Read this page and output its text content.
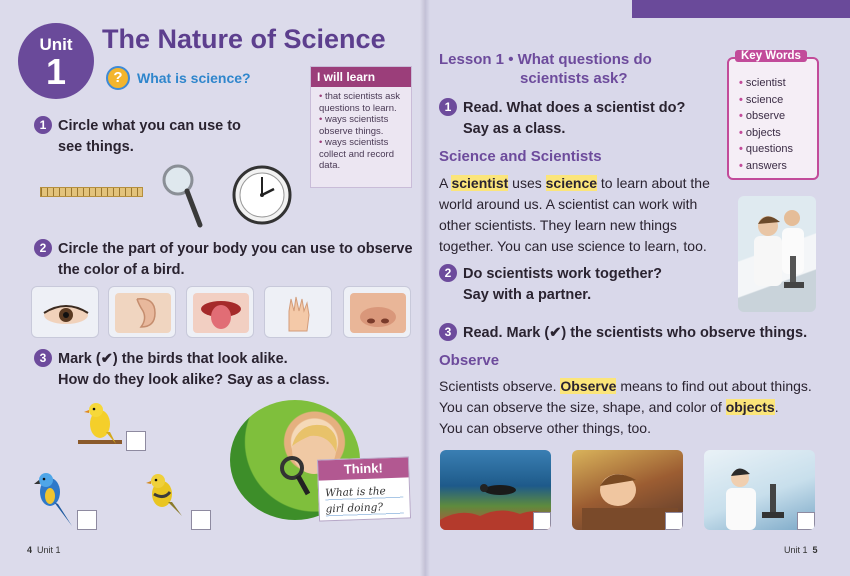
Unit
1
The Nature of Science
?	What is science?	I will learn
• that scientists ask questions to learn.
• ways scientists observe things.
• ways scientists collect and record data.
1 Circle what you can use to
see things.
2 Circle the part of your body you can use to observe
the color of a bird.
3 Mark (✔) the birds that look alike.
How do they look alike? Say as a class.
Think!
What is the girl doing?
4 Unit 1
Lesson 1 • What questions do
scientists ask?
Key Words
• scientist
• science
• observe
• objects
• questions
• answers
1 Read. What does a scientist do?
Say as a class.
Science and Scientists
A scientist uses science to learn about the
world around us. A scientist can work with
other scientists. They learn new things
together. You can use science to learn, too.
2 Do scientists work together?
Say with a partner.
3 Read. Mark (✔) the scientists who observe things.
Observe
Scientists observe. Observe means to find out about things.
You can observe the size, shape, and color of objects.
You can observe other things, too.
Unit 1 5
